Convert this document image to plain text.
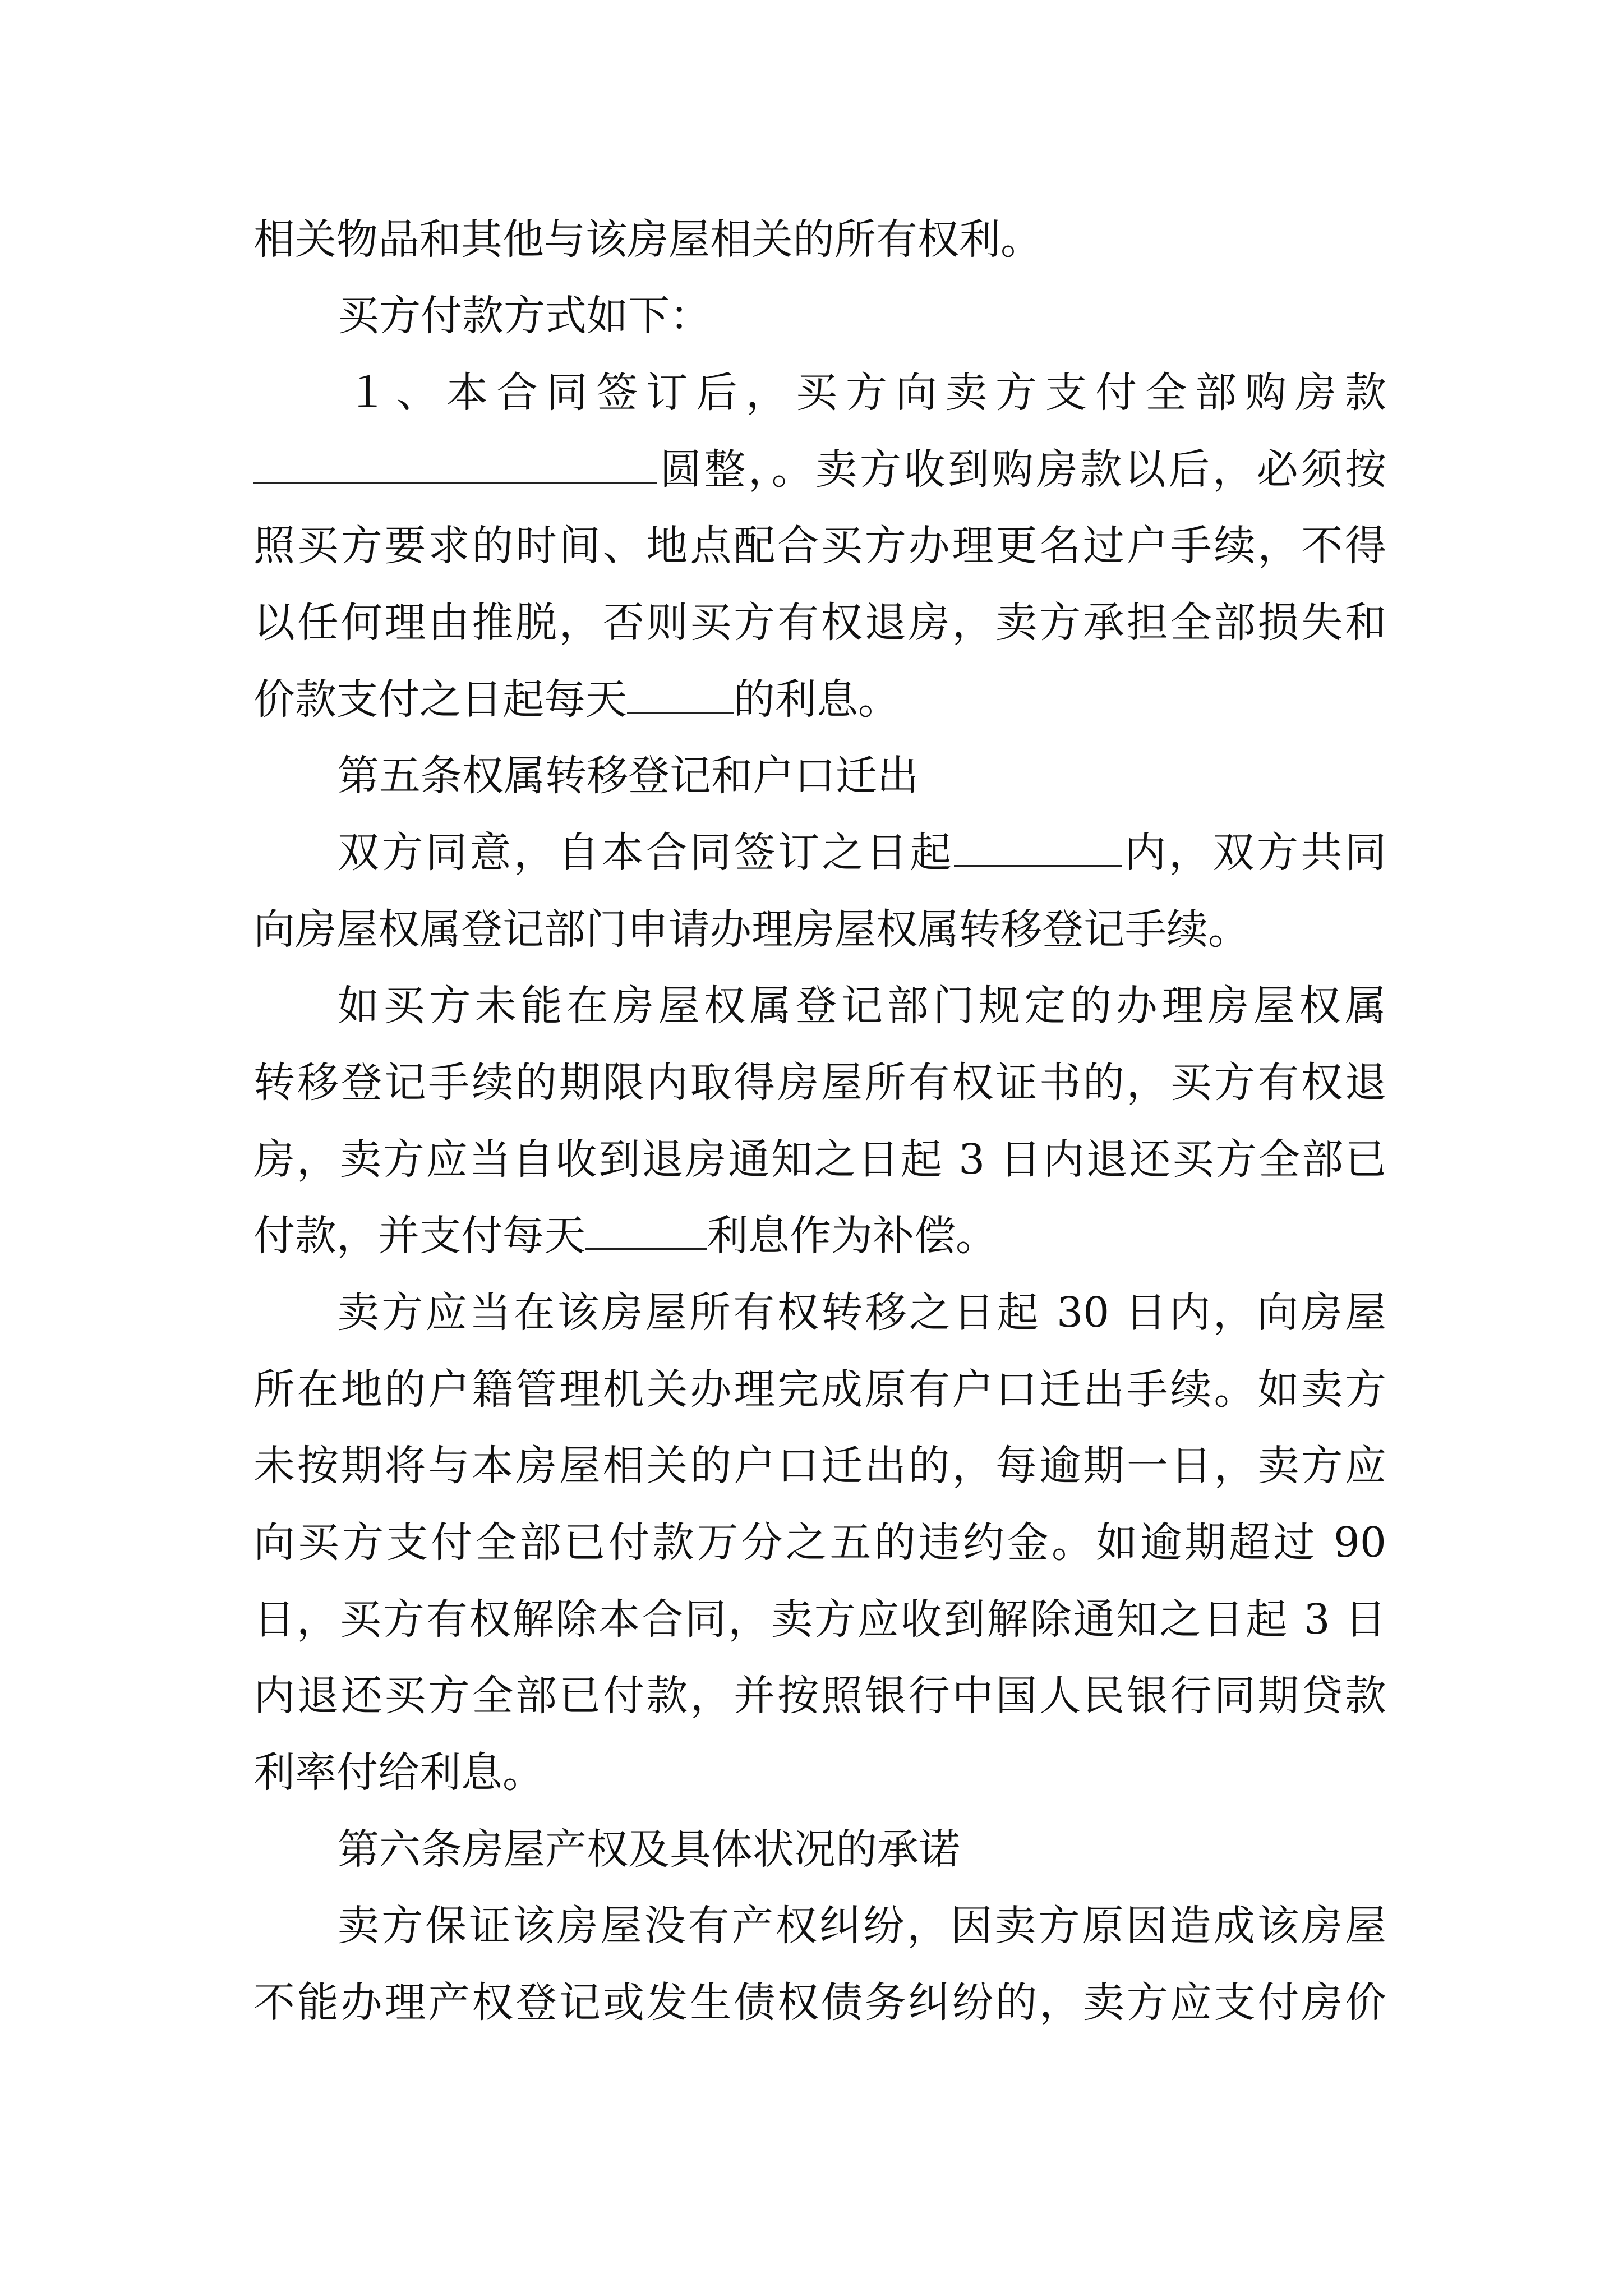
相关物品和其他与该房屋相关的所有权利。
买方付款方式如下：
１、本合同签订后，买方向卖方支付全部购房款
圆整，。卖方收到购房款以后，必须按
照买方要求的时间、地点配合买方办理更名过户手续，不得
以任何理由推脱，否则买方有权退房，卖方承担全部损失和
价款支付之日起每天	的利息。
第五条权属转移登记和户口迁出
双方同意，自本合同签订之日起	内，双方共同
向房屋权属登记部门申请办理房屋权属转移登记手续。
如买方未能在房屋权属登记部门规定的办理房屋权属
转移登记手续的期限内取得房屋所有权证书的，买方有权退
房，卖方应当自收到退房通知之日起 3 日内退还买方全部已
付款，并支付每天	利息作为补偿。
卖方应当在该房屋所有权转移之日起 30 日内，向房屋
所在地的户籍管理机关办理完成原有户口迁出手续。如卖方
未按期将与本房屋相关的户口迁出的，每逾期一日，卖方应
向买方支付全部已付款万分之五的违约金。如逾期超过 90
日，买方有权解除本合同，卖方应收到解除通知之日起 3 日
内退还买方全部已付款，并按照银行中国人民银行同期贷款
利率付给利息。
第六条房屋产权及具体状况的承诺
卖方保证该房屋没有产权纠纷，因卖方原因造成该房屋
不能办理产权登记或发生债权债务纠纷的，卖方应支付房价
